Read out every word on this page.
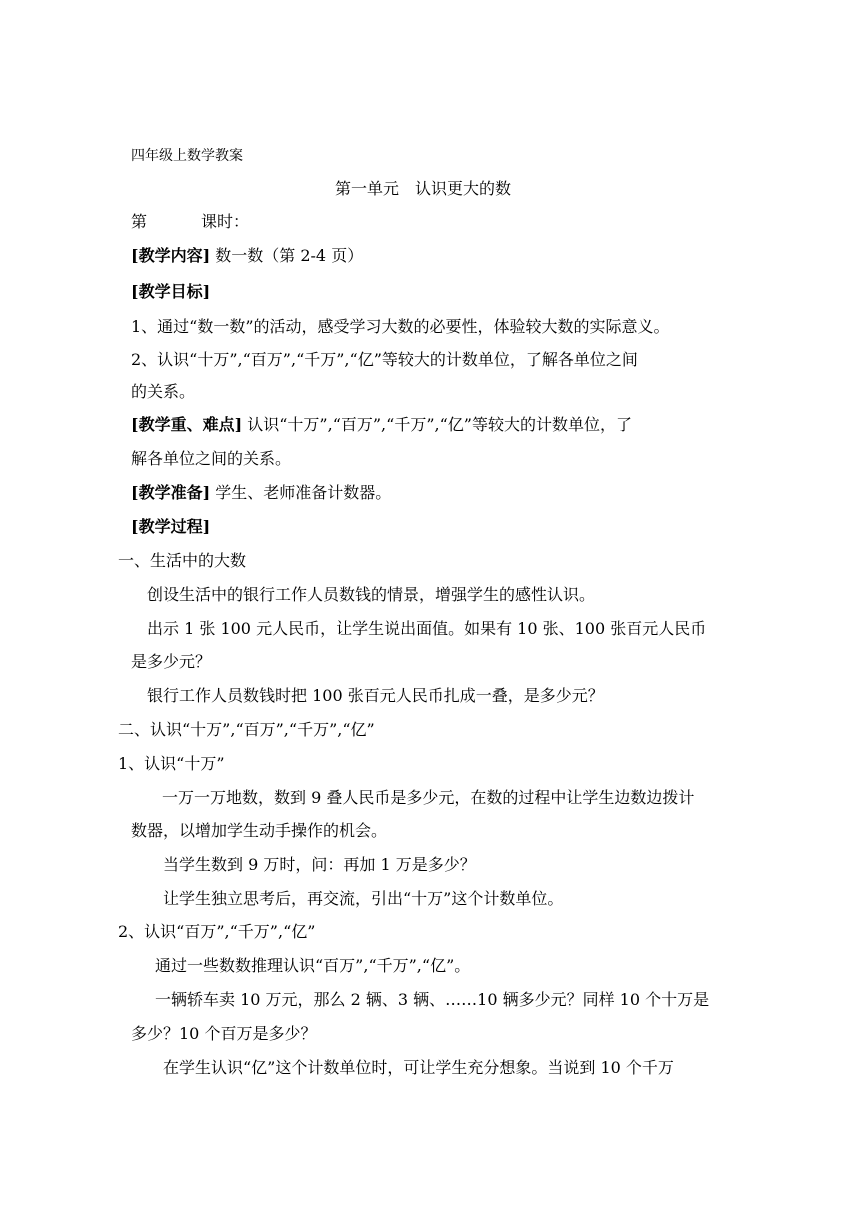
四年级上数学教案
第一单元　认识更大的数
第	课时：
[教学内容] 数一数（第 2-4 页）
[教学目标]
1、通过“数一数”的活动，感受学习大数的必要性，体验较大数的实际意义。
2、认识“十万”,“百万”,“千万”,“亿”等较大的计数单位，了解各单位之间
的关系。
[教学重、难点] 认识“十万”,“百万”,“千万”,“亿”等较大的计数单位，了
解各单位之间的关系。
[教学准备] 学生、老师准备计数器。
[教学过程]
一、生活中的大数
创设生活中的银行工作人员数钱的情景，增强学生的感性认识。
出示 1 张 100 元人民币，让学生说出面值。如果有 10 张、100 张百元人民币
是多少元？
银行工作人员数钱时把 100 张百元人民币扎成一叠，是多少元？
二、认识“十万”,“百万”,“千万”,“亿”
1、认识“十万”
一万一万地数，数到 9 叠人民币是多少元，在数的过程中让学生边数边拨计
数器，以增加学生动手操作的机会。
当学生数到 9 万时，问：再加 1 万是多少？
让学生独立思考后，再交流，引出“十万”这个计数单位。
2、认识“百万”,“千万”,“亿”
通过一些数数推理认识“百万”,“千万”,“亿”。
一辆轿车卖 10 万元，那么 2 辆、3 辆、……10 辆多少元？同样 10 个十万是
多少？10 个百万是多少？
在学生认识“亿”这个计数单位时，可让学生充分想象。当说到 10 个千万
